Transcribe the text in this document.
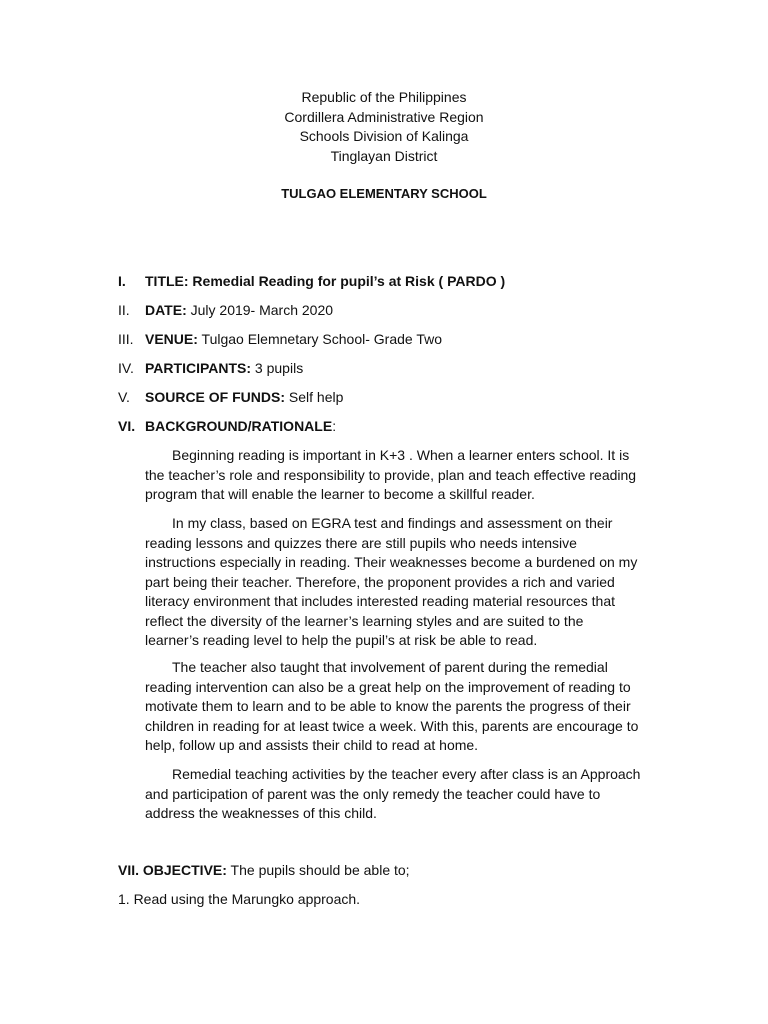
Republic of the Philippines
Cordillera Administrative Region
Schools Division of Kalinga
Tinglayan District
TULGAO ELEMENTARY SCHOOL
I. TITLE: Remedial Reading for pupil’s at Risk ( PARDO )
II. DATE: July 2019- March 2020
III. VENUE: Tulgao Elemnetary School- Grade Two
IV. PARTICIPANTS: 3 pupils
V. SOURCE OF FUNDS: Self help
VI. BACKGROUND/RATIONALE:
Beginning reading is important in K+3 . When a learner enters school. It is
the teacher’s role and responsibility to provide, plan and teach effective reading
program that will enable the learner to become a skillful reader.
In my class, based on EGRA test and findings and assessment on their
reading lessons and quizzes there are still pupils who needs intensive
instructions especially in reading. Their weaknesses become a burdened on my
part being their teacher. Therefore, the proponent provides a rich and varied
literacy environment that includes interested reading material resources that
reflect the diversity of the learner’s learning styles and are suited to the
learner’s reading level to help the pupil’s at risk be able to read.
The teacher also taught that involvement of parent during the remedial
reading intervention can also be a great help on the improvement of reading to
motivate them to learn and to be able to know the parents the progress of their
children in reading for at least twice a week. With this, parents are encourage to
help, follow up and assists their child to read at home.
Remedial teaching activities by the teacher every after class is an Approach
and participation of parent was the only remedy the teacher could have to
address the weaknesses of this child.
VII. OBJECTIVE: The pupils should be able to;
1. Read using the Marungko approach.
